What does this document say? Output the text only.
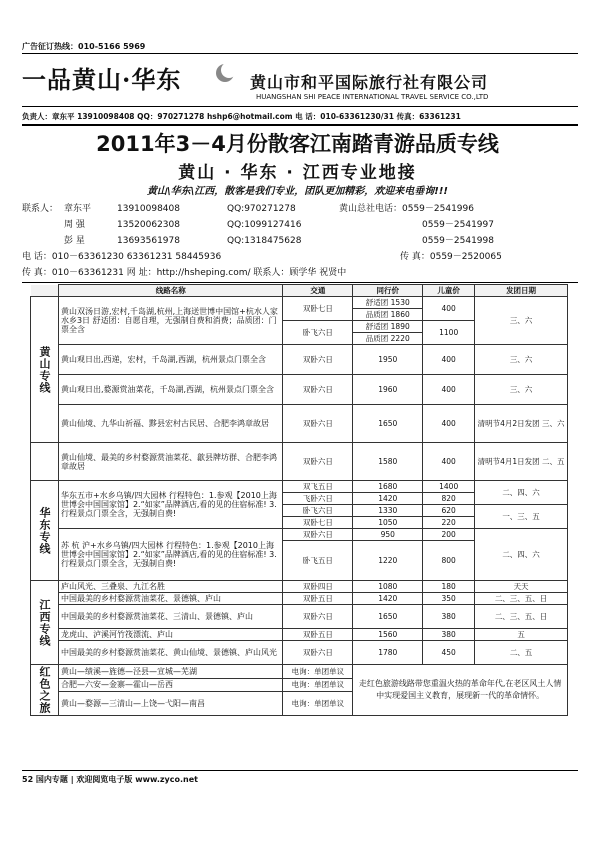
广告征订热线：010-5166 5969
一品黄山·华东	黄山市和平国际旅行社有限公司
HUANGSHAN SHI PEACE INTERNATIONAL TRAVEL SERVICE CO.,LTD
负责人：章东平 13910098408 QQ：970271278 hshp6@hotmail.com 电 话：010-63361230/31 传真：63361231
2011年3－4月份散客江南踏青游品质专线
黄山 · 华东 · 江西专业地接
黄山\华东\江西，散客是我们专业，团队更加精彩，欢迎来电垂询!!!
联系人： 章东平	13910098408	QQ:970271278	黄山总社电话：0559－2541996
周 强	13520062308	QQ:1099127416	0559－2541997
彭 星	13693561978	QQ:1318475628	0559－2541998
电 话：010－63361230 63361231 58445936	传 真：0559－2520065
传 真：010－63361231 网 址：http://hsheping.com/ 联系人：顾学华 祝贤中
	线路名称	交通	同行价	儿童价	发团日期
黄山专线	黄山双汤日游,宏村,千岛湖,杭州,上海送世博中国馆+杭水人家水乡3日 舒适团：自愿自理，无强制自费和消费；品质团：门票全含	双卧七日	舒适团 1530	400	三、六
			品质团 1860		
		卧飞六日	舒适团 1890	1100	
			品质团 2220		
	黄山观日出,西递，宏村，千岛湖,西湖，杭州景点门票全含	双卧六日	1950	400	三、六
	黄山观日出,婺源赏油菜花，千岛湖,西湖，杭州景点门票全含	双卧六日	1960	400	三、六
	黄山仙境、九华山祈福、黟县宏村古民居、合肥李鸿章故居	双卧六日	1650	400	清明节4月2日发团 三、六
	黄山仙境、最美的乡村婺源赏油菜花、歙县牌坊群、合肥李鸿章故居	双卧六日	1580	400	清明节4月1日发团 二、五
华东专线	华东五市+水乡乌镇/四大园林 行程特色：1.参观【2010上海世博会中国国家馆】2.“如家”品牌酒店,看的见的住宿标准! 3.行程景点门票全含，无强制自费!	双飞五日	1680	1400	二、四、六
		飞卧六日	1420	820	
		卧飞六日	1330	620	一、三、五
		双卧七日	1050	220	
	苏 杭 沪+水乡乌镇/四大园林 行程特色：1.参观【2010上海世博会中国国家馆】2.“如家”品牌酒店,看的见的住宿标准! 3.行程景点门票全含，无强制自费!	双卧六日	950	200	二、四、六
		卧飞五日	1220	800	

江西专线	庐山风光、三叠泉、九江名胜	双卧四日	1080	180	天天
	中国最美的乡村婺源赏油菜花、景德镇、庐山	双卧五日	1420	350	二、三、五、日
	中国最美的乡村婺源赏油菜花、三清山、景德镇、庐山	双卧六日	1650	380	二、三、五、日
	龙虎山、泸溪河竹筏漂流、庐山	双卧五日	1560	380	五
	中国最美的乡村婺源赏油菜花、黄山仙境、景德镇、庐山风光	双卧六日	1780	450	二、五
红色之旅	黄山—绩溪—旌德—泾县—宣城—芜湖	电询：单团单议	走红色旅游线路带您重温火热的革命年代,在老区风土人情中实现爱国主义教育，展现新一代的革命情怀。		
	合肥—六安—金寨—霍山—岳西	电询：单团单议			
	黄山—婺源—三清山—上饶—弋阳—南昌	电询：单团单议			
52 国内专题 | 欢迎阅览电子版 www.zyco.net
